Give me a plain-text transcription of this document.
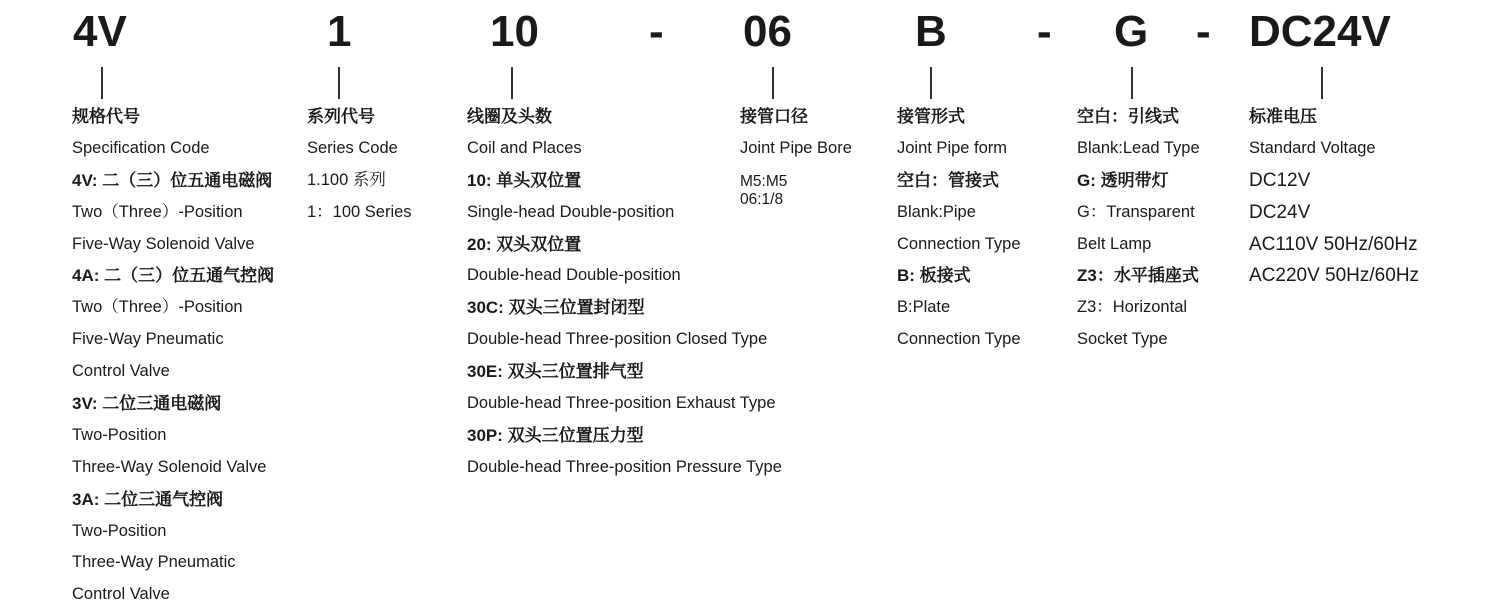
4V	1	10	- 06	B - G - DC24V
规格代号
Specification Code
4V: 二（三）位五通电磁阀
Two（Three）-Position
Five-Way Solenoid Valve
4A: 二（三）位五通气控阀
Two（Three）-Position
Five-Way Pneumatic
Control Valve
3V: 二位三通电磁阀
Two-Position
Three-Way Solenoid Valve
3A: 二位三通气控阀
Two-Position
Three-Way Pneumatic
Control Valve
系列代号
Series Code
1.100 系列
1：100 Series
线圈及头数
Coil and Places
10: 单头双位置
Single-head Double-position
20: 双头双位置
Double-head Double-position
30C: 双头三位置封闭型
Double-head Three-position Closed Type
30E: 双头三位置排气型
Double-head Three-position Exhaust Type
30P: 双头三位置压力型
Double-head Three-position Pressure Type
接管口径
Joint Pipe Bore
M5:M5
06:1/8
接管形式
Joint Pipe form
空白：管接式
Blank:Pipe
Connection Type
B: 板接式
B:Plate
Connection Type
空白：引线式
Blank:Lead Type
G: 透明带灯
G：Transparent
Belt Lamp
Z3：水平插座式
Z3：Horizontal
Socket Type
标准电压
Standard Voltage
DC12V
DC24V
AC110V 50Hz/60Hz
AC220V 50Hz/60Hz
